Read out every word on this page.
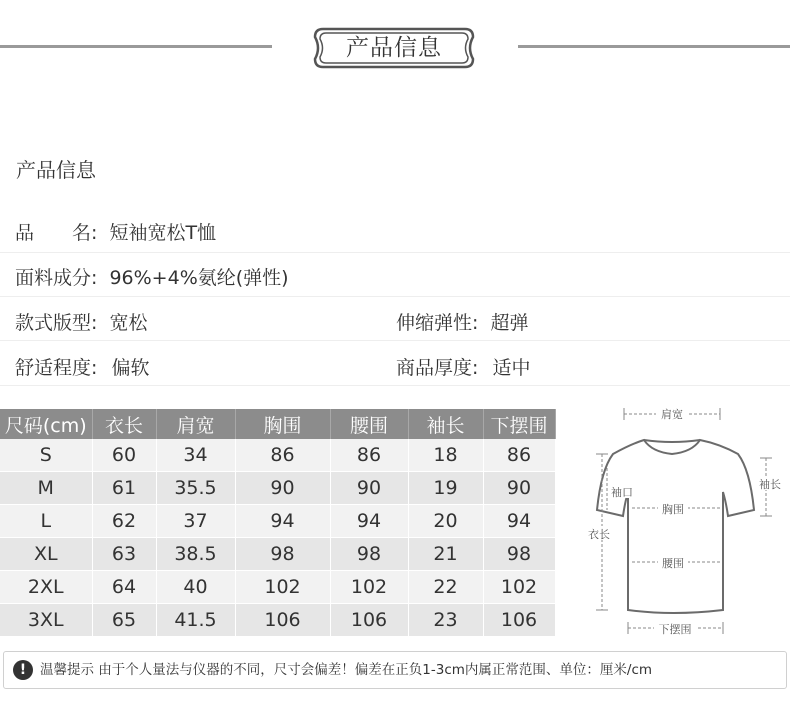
产品信息
产品信息
品　　名: 短袖宽松T恤
面料成分: 96%+4%氨纶(弹性)
款式版型: 宽松	伸缩弹性: 超弹
舒适程度: 偏软	商品厚度: 适中
尺码(cm)	衣长	肩宽	胸围	腰围	袖长	下摆围
S	60	34	86	86	18	86
M	61	35.5	90	90	19	90
L	62	37	94	94	20	94
XL	63	38.5	98	98	21	98
2XL	64	40	102	102	22	102
3XL	65	41.5	106	106	23	106
肩宽
袖口
袖长
胸围
衣长
腰围
下摆围
!	温馨提示 由于个人量法与仪器的不同，尺寸会偏差！偏差在正负1-3cm内属正常范围、单位：厘米/cm
